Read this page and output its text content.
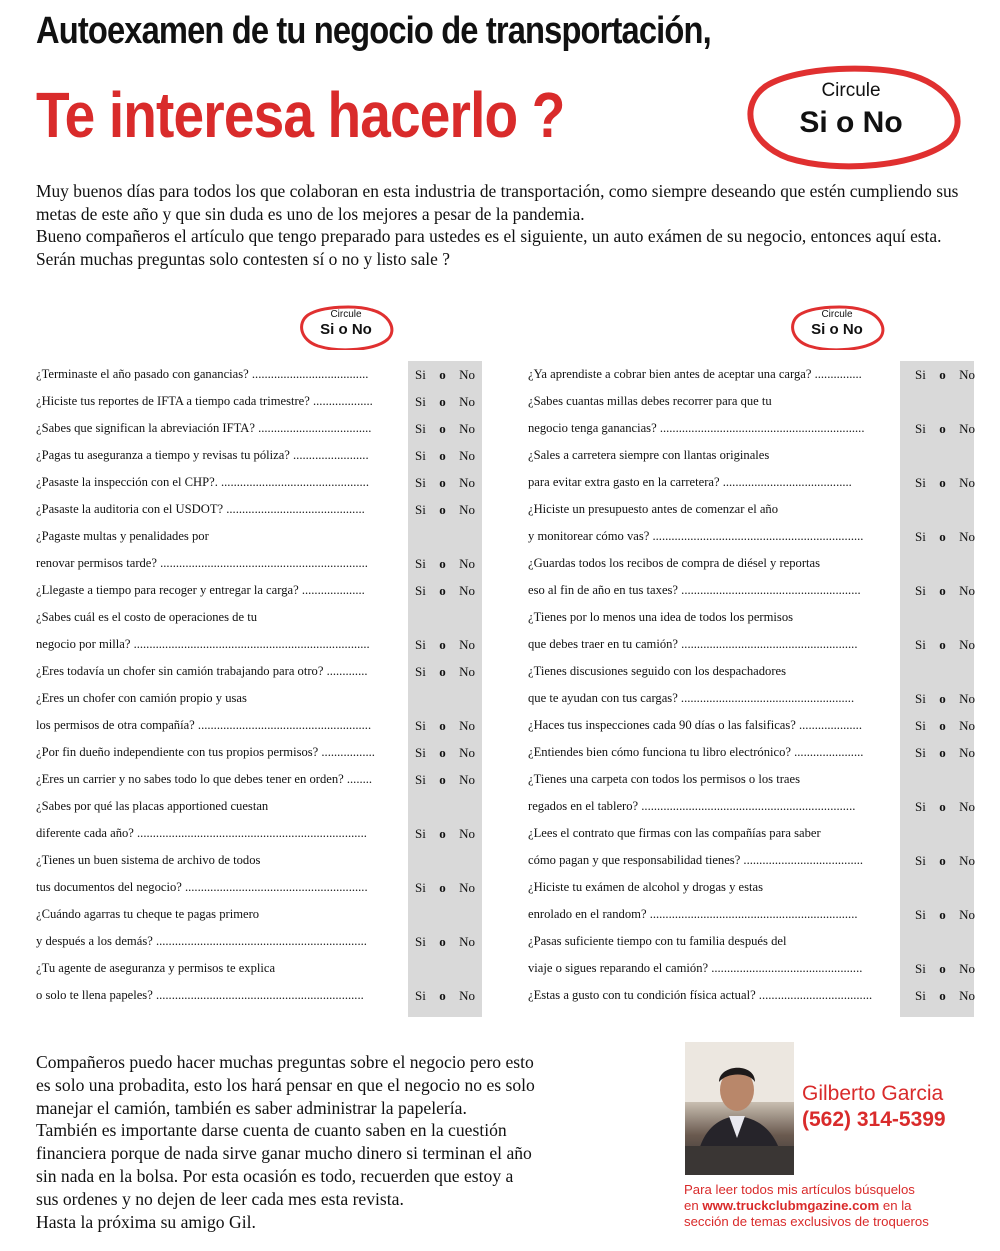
Autoexamen de tu negocio de transportación,
Te interesa hacerlo ?	Circule
Si o No

Muy buenos días para todos los que colaboran en esta industria de transportación, como siempre deseando que estén cumpliendo sus metas de este año y que sin duda es uno de los mejores a pesar de la pandemia.

Bueno compañeros el artículo que tengo preparado para ustedes es el siguiente, un auto exámen de su negocio, entonces aquí esta. Serán muchas preguntas solo contesten sí o no y listo sale ?

Circule
Si o No
Circule
Si o No
¿Terminaste el año pasado con ganancias? .....................................	Si o No
¿Hiciste tus reportes de IFTA a tiempo cada trimestre? ...................	Si o No
¿Sabes que significan la abreviación IFTA? ....................................	Si o No
¿Pagas tu aseguranza a tiempo y revisas tu póliza? ........................	Si o No
¿Pasaste la inspección con el CHP?. ...............................................	Si o No
¿Pasaste la auditoria con el USDOT? ............................................	Si o No
¿Pagaste multas y penalidades por
renovar permisos tarde? ..................................................................	Si o No
¿Llegaste a tiempo para recoger y entregar la carga? ....................	Si o No
¿Sabes cuál es el costo de operaciones de tu
negocio por milla? ...........................................................................	Si o No
¿Eres todavía un chofer sin camión trabajando para otro? .............	Si o No
¿Eres un chofer con camión propio y usas
los permisos de otra compañía? .......................................................	Si o No
¿Por fin dueño independiente con tus propios permisos? .................	Si o No
¿Eres un carrier y no sabes todo lo que debes tener en orden? ........	Si o No
¿Sabes por qué las placas apportioned cuestan
diferente cada año? .........................................................................	Si o No
¿Tienes un buen sistema de archivo de todos
tus documentos del negocio? ..........................................................	Si o No
¿Cuándo agarras tu cheque te pagas primero
y después a los demás? ...................................................................	Si o No
¿Tu agente de aseguranza y permisos te explica
o solo te llena papeles? ..................................................................	Si o No
¿Ya aprendiste a cobrar bien antes de aceptar una carga? ...............	Si o No
¿Sabes cuantas millas debes recorrer para que tu
negocio tenga ganancias? .................................................................	Si o No
¿Sales a carretera siempre con llantas originales
para evitar extra gasto en la carretera? .........................................	Si o No
¿Hiciste un presupuesto antes de comenzar el año
y monitorear cómo vas? ...................................................................	Si o No
¿Guardas todos los recibos de compra de diésel y reportas
eso al fin de año en tus taxes? .........................................................	Si o No
¿Tienes por lo menos una idea de todos los permisos
que debes traer en tu camión? ........................................................	Si o No
¿Tienes discusiones seguido con los despachadores
que te ayudan con tus cargas? .......................................................	Si o No
¿Haces tus inspecciones cada 90 días o las falsificas? ....................	Si o No
¿Entiendes bien cómo funciona tu libro electrónico? ......................	Si o No
¿Tienes una carpeta con todos los permisos o los traes
regados en el tablero? ....................................................................	Si o No
¿Lees el contrato que firmas con las compañías para saber
cómo pagan y que responsabilidad tienes? ......................................	Si o No
¿Hiciste tu exámen de alcohol y drogas y estas
enrolado en el random? ..................................................................	Si o No
¿Pasas suficiente tiempo con tu familia después del
viaje o sigues reparando el camión? ................................................	Si o No
¿Estas a gusto con tu condición física actual? ....................................	Si o No
Compañeros puedo hacer muchas preguntas sobre el negocio pero esto
es solo una probadita, esto los hará pensar en que el negocio no es solo
manejar el camión, también es saber administrar la papelería.
También es importante darse cuenta de cuanto saben en la cuestión
financiera porque de nada sirve ganar mucho dinero si terminan el año
sin nada en la bolsa. Por esta ocasión es todo, recuerden que estoy a
sus ordenes y no dejen de leer cada mes esta revista.
Hasta la próxima su amigo Gil.
Gilberto Garcia
(562) 314-5399
Para leer todos mis artículos búsquelos
en www.truckclubmgazine.com en la
sección de temas exclusivos de troqueros
